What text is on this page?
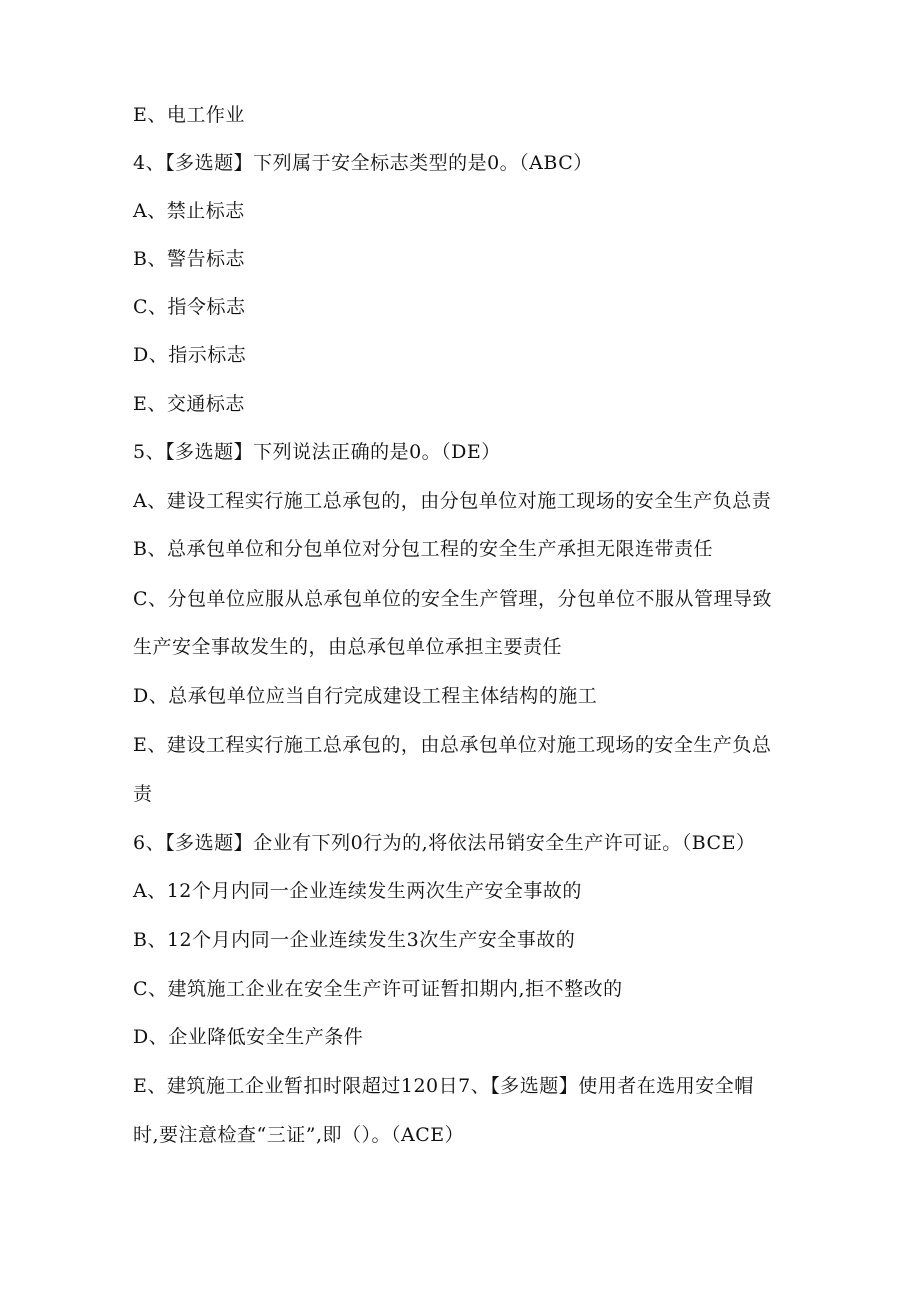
E、电工作业
4、【多选题】下列属于安全标志类型的是0。（ABC）
A、禁止标志
B、警告标志
C、指令标志
D、指示标志
E、交通标志
5、【多选题】下列说法正确的是0。（DE）
A、建设工程实行施工总承包的，由分包单位对施工现场的安全生产负总责
B、总承包单位和分包单位对分包工程的安全生产承担无限连带责任
C、分包单位应服从总承包单位的安全生产管理，分包单位不服从管理导致
生产安全事故发生的，由总承包单位承担主要责任
D、总承包单位应当自行完成建设工程主体结构的施工
E、建设工程实行施工总承包的，由总承包单位对施工现场的安全生产负总
责
6、【多选题】企业有下列0行为的,将依法吊销安全生产许可证。（BCE）
A、12个月内同一企业连续发生两次生产安全事故的
B、12个月内同一企业连续发生3次生产安全事故的
C、建筑施工企业在安全生产许可证暂扣期内,拒不整改的
D、企业降低安全生产条件
E、建筑施工企业暂扣时限超过120日7、【多选题】使用者在选用安全帽
时,要注意检查“三证”,即（）。（ACE）
